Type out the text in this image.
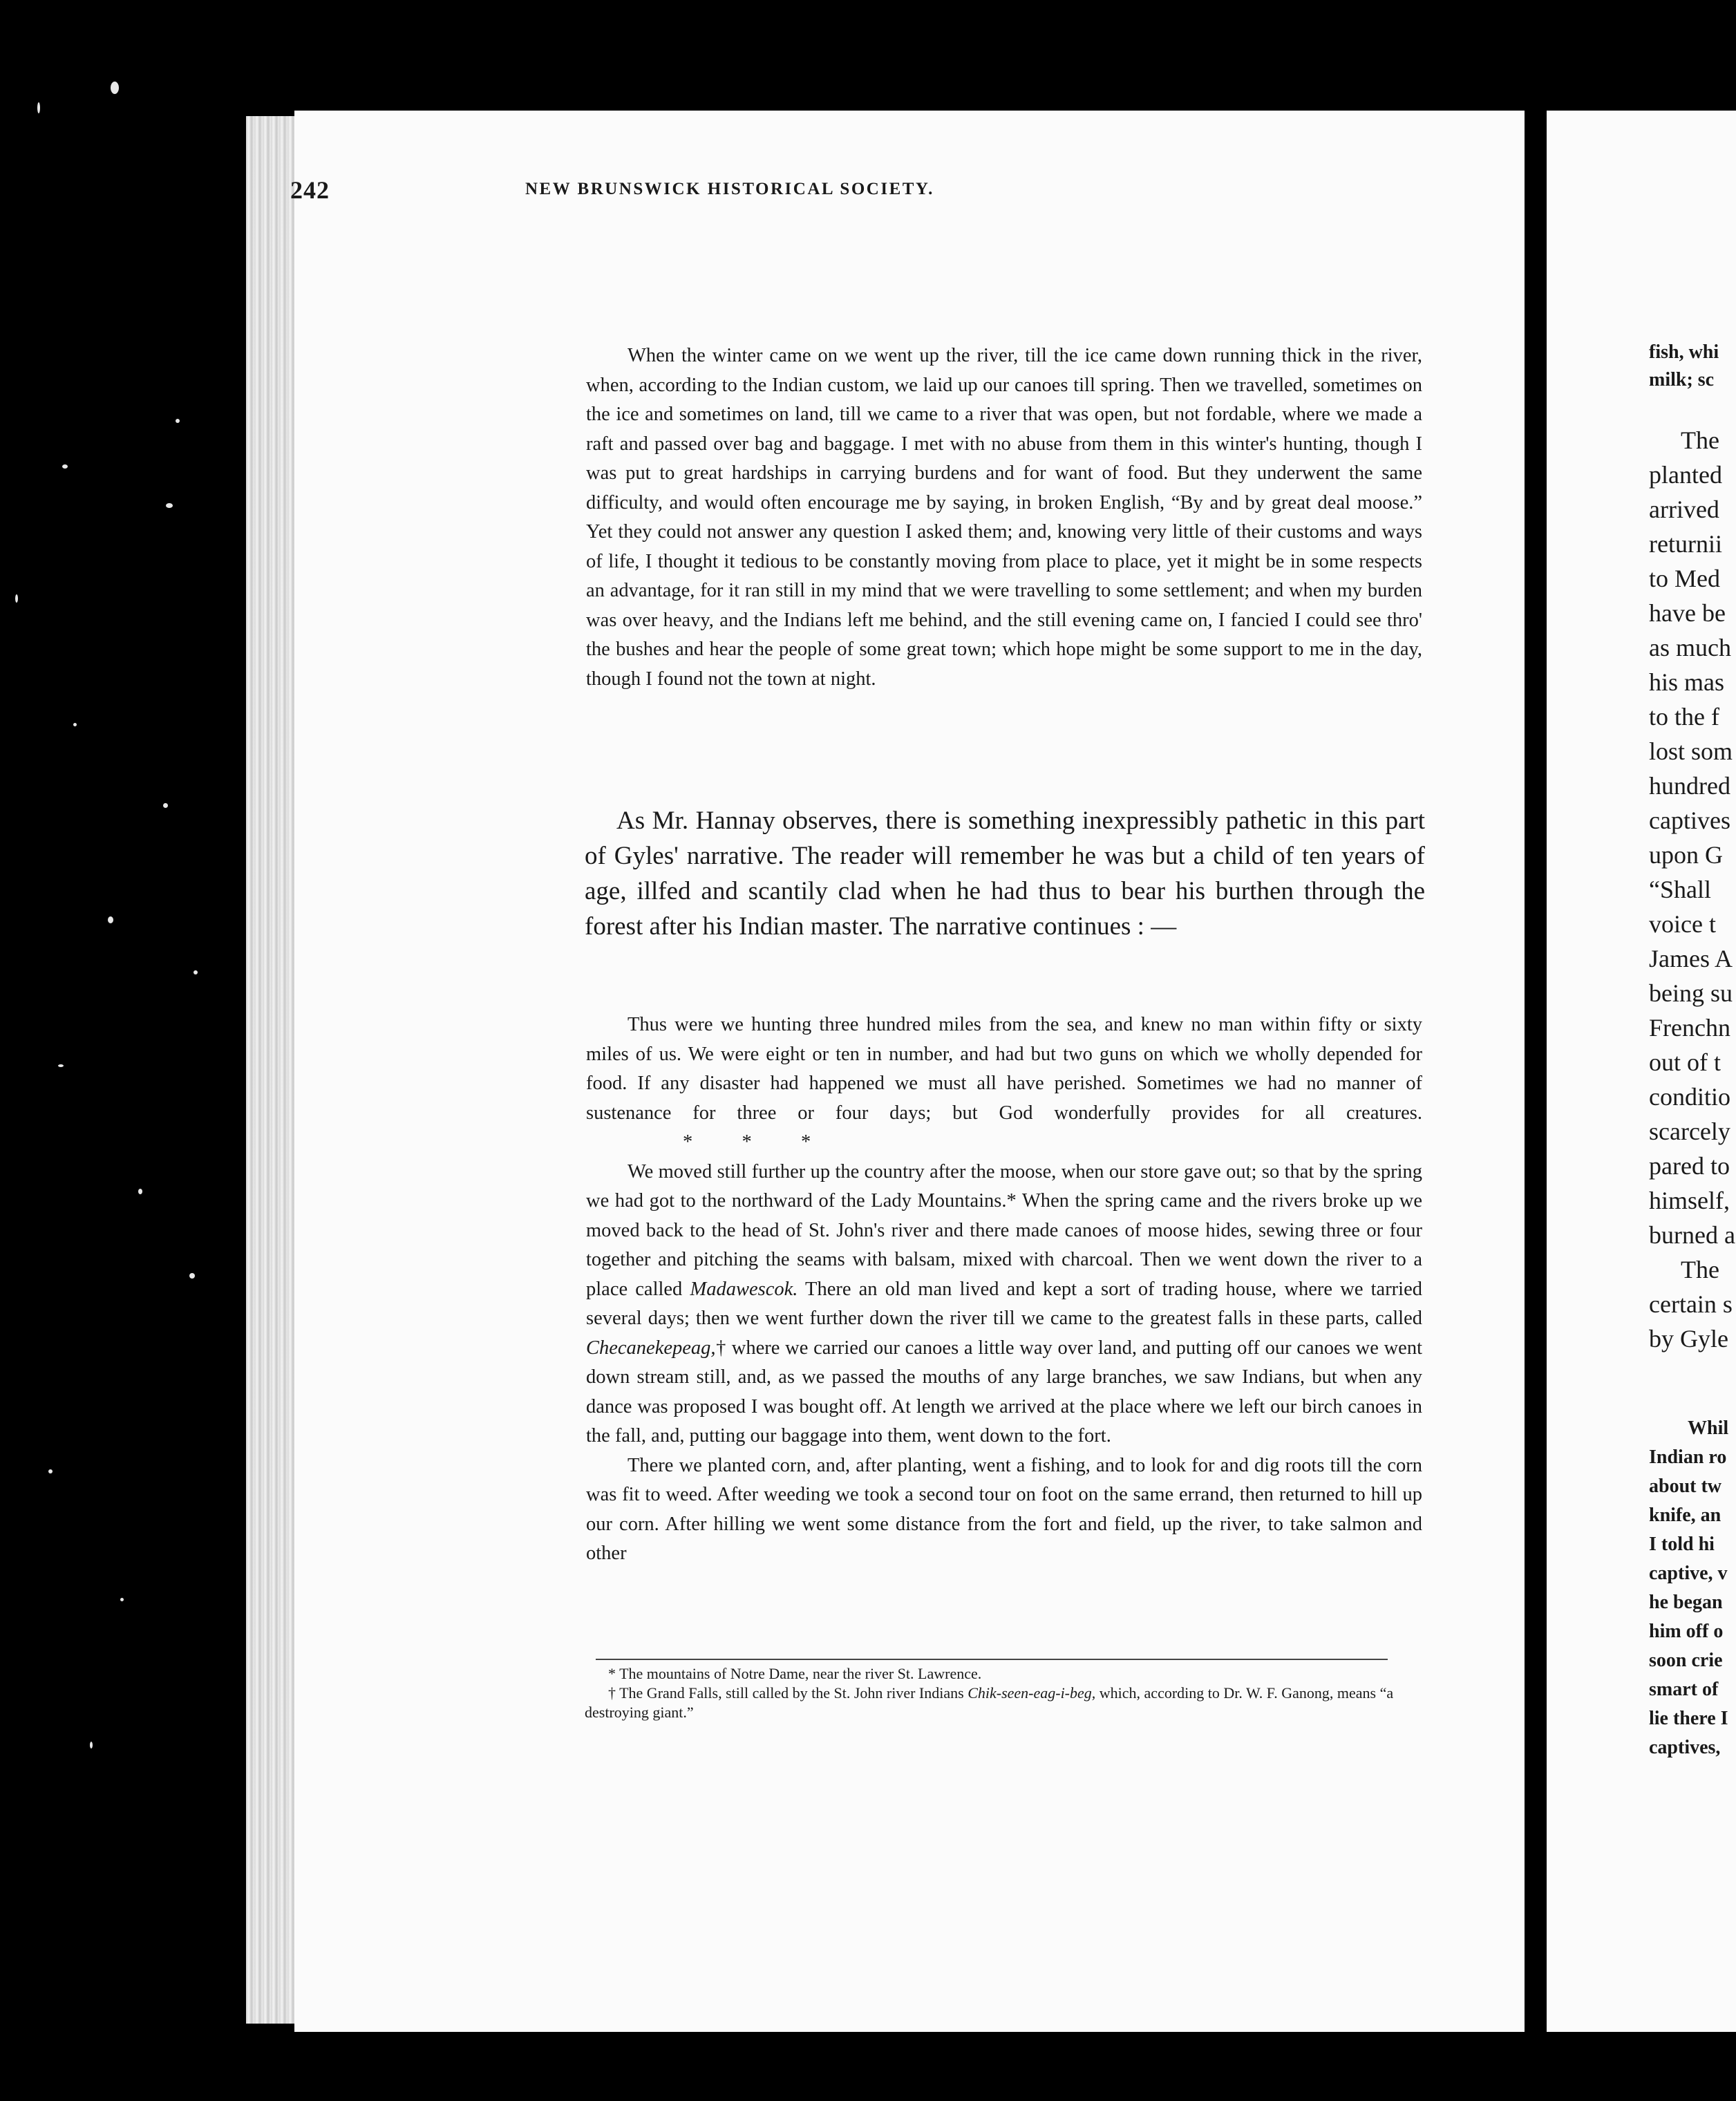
242	NEW BRUNSWICK HISTORICAL SOCIETY.

When the winter came on we went up the river, till the ice came down running thick in the river, when, according to the Indian custom, we laid up our canoes till spring. Then we travelled, sometimes on the ice and sometimes on land, till we came to a river that was open, but not fordable, where we made a raft and passed over bag and baggage. I met with no abuse from them in this winter's hunting, though I was put to great hardships in carrying burdens and for want of food. But they underwent the same difficulty, and would often encourage me by saying, in broken English, “By and by great deal moose.” Yet they could not answer any question I asked them; and, knowing very little of their customs and ways of life, I thought it tedious to be constantly moving from place to place, yet it might be in some respects an advantage, for it ran still in my mind that we were travelling to some settlement; and when my burden was over heavy, and the Indians left me behind, and the still evening came on, I fancied I could see thro' the bushes and hear the people of some great town; which hope might be some support to me in the day, though I found not the town at night.

As Mr. Hannay observes, there is something inexpressibly pathetic in this part of Gyles' narrative. The reader will remember he was but a child of ten years of age, illfed and scantily clad when he had thus to bear his burthen through the forest after his Indian master. The narrative continues : —

Thus were we hunting three hundred miles from the sea, and knew no man within fifty or sixty miles of us. We were eight or ten in number, and had but two guns on which we wholly depended for food. If any disaster had happened we must all have perished. Sometimes we had no manner of sustenance for three or four days; but God wonderfully provides for all creatures.*          *          *

We moved still further up the country after the moose, when our store gave out; so that by the spring we had got to the northward of the Lady Mountains.* When the spring came and the rivers broke up we moved back to the head of St. John's river and there made canoes of moose hides, sewing three or four together and pitching the seams with balsam, mixed with charcoal. Then we went down the river to a place called Madawescok. There an old man lived and kept a sort of trading house, where we tarried several days; then we went further down the river till we came to the greatest falls in these parts, called Checanekepeag,† where we carried our canoes a little way over land, and putting off our canoes we went down stream still, and, as we passed the mouths of any large branches, we saw Indians, but when any dance was proposed I was bought off. At length we arrived at the place where we left our birch canoes in the fall, and, putting our baggage into them, went down to the fort.

There we planted corn, and, after planting, went a fishing, and to look for and dig roots till the corn was fit to weed. After weeding we took a second tour on foot on the same errand, then returned to hill up our corn. After hilling we went some distance from the fort and field, up the river, to take salmon and other

* The mountains of Notre Dame, near the river St. Lawrence.

† The Grand Falls, still called by the St. John river Indians Chik-seen-eag-i-beg, which, according to Dr. W. F. Ganong, means “a destroying giant.”

fish, whi
milk; sc
The
planted
arrived
returnii
to Med
have be
as much
his mas
to the f
lost som
hundred
captives
upon G
“Shall
voice t
James A
being su
Frenchn
out of t
conditio
scarcely
pared to
himself,
burned a
The
certain s
by Gyle
Whil
Indian ro
about tw
knife, an
I told hi
captive, v
he began
him off o
soon crie
smart of
lie there I
captives,
